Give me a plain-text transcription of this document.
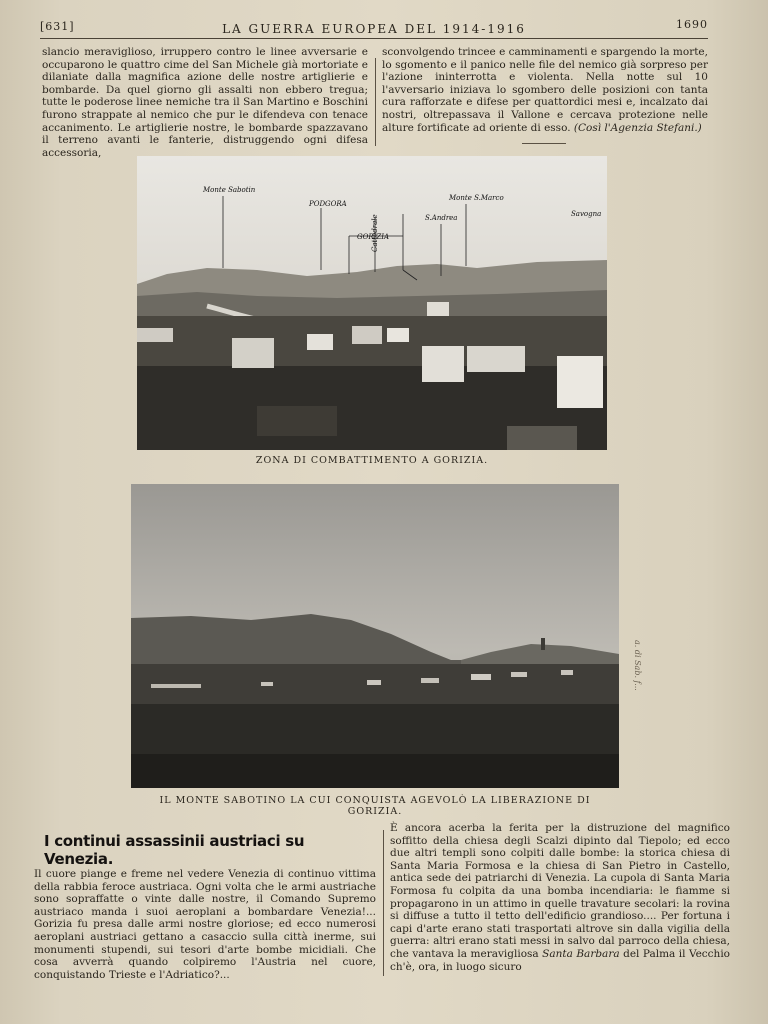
[631]	LA GUERRA EUROPEA DEL 1914-1916	1690

slancio meraviglioso, irruppero contro le linee avversarie e occuparono le quattro cime del San Michele già mortoriate e dilaniate dalla magnifica azione delle nostre artiglierie e bombarde. Da quel giorno gli assalti non ebbero tregua; tutte le poderose linee nemiche tra il San Martino e Boschini furono strappate al nemico che pur le difendeva con tenace accanimento. Le artiglierie nostre, le bombarde spazzavano il terreno avanti le fanterie, distruggendo ogni difesa accessoria,

sconvolgendo trincee e camminamenti e spargendo la morte, lo sgomento e il panico nelle file del nemico già sorpreso per l'azione ininterrotta e violenta. Nella notte sul 10 l'avversario iniziava lo sgombero delle posizioni con tanta cura rafforzate e difese per quattordici mesi e, incalzato dai nostri, oltrepassava il Vallone e cercava protezione nelle alture fortificate ad oriente di esso. (Così l'Agenzia Stefani.)

Monte Sabotin
PODGORA
GORIZIA
Cattedrale	S.Andrea
Monte S.Marco
Savogna
ZONA DI COMBATTIMENTO A GORIZIA.
IL MONTE SABOTINO LA CUI CONQUISTA AGEVOLÒ LA LIBERAZIONE DI GORIZIA.
a. di Sab. f...
I continui assassinii austriaci su Venezia.

Il cuore piange e freme nel vedere Venezia di continuo vittima della rabbia feroce austriaca. Ogni volta che le armi austriache sono sopraffatte o vinte dalle nostre, il Comando Supremo austriaco manda i suoi aeroplani a bombardare Venezia!... Gorizia fu presa dalle armi nostre gloriose; ed ecco numerosi aeroplani austriaci gettano a casaccio sulla città inerme, sui monumenti stupendi, sui tesori d'arte bombe micidiali. Che cosa avverrà quando colpiremo l'Austria nel cuore, conquistando Trieste e l'Adriatico?...

È ancora acerba la ferita per la distruzione del magnifico soffitto della chiesa degli Scalzi dipinto dal Tiepolo; ed ecco due altri templi sono colpiti dalle bombe: la storica chiesa di Santa Maria Formosa e la chiesa di San Pietro in Castello, antica sede dei patriarchi di Venezia. La cupola di Santa Maria Formosa fu colpita da una bomba incendiaria: le fiamme si propagarono in un attimo in quelle travature secolari: la rovina si diffuse a tutto il tetto dell'edificio grandioso.... Per fortuna i capi d'arte erano stati trasportati altrove sin dalla vigilia della guerra: altri erano stati messi in salvo dal parroco della chiesa, che vantava la meravigliosa Santa Barbara del Palma il Vecchio ch'è, ora, in luogo sicuro
